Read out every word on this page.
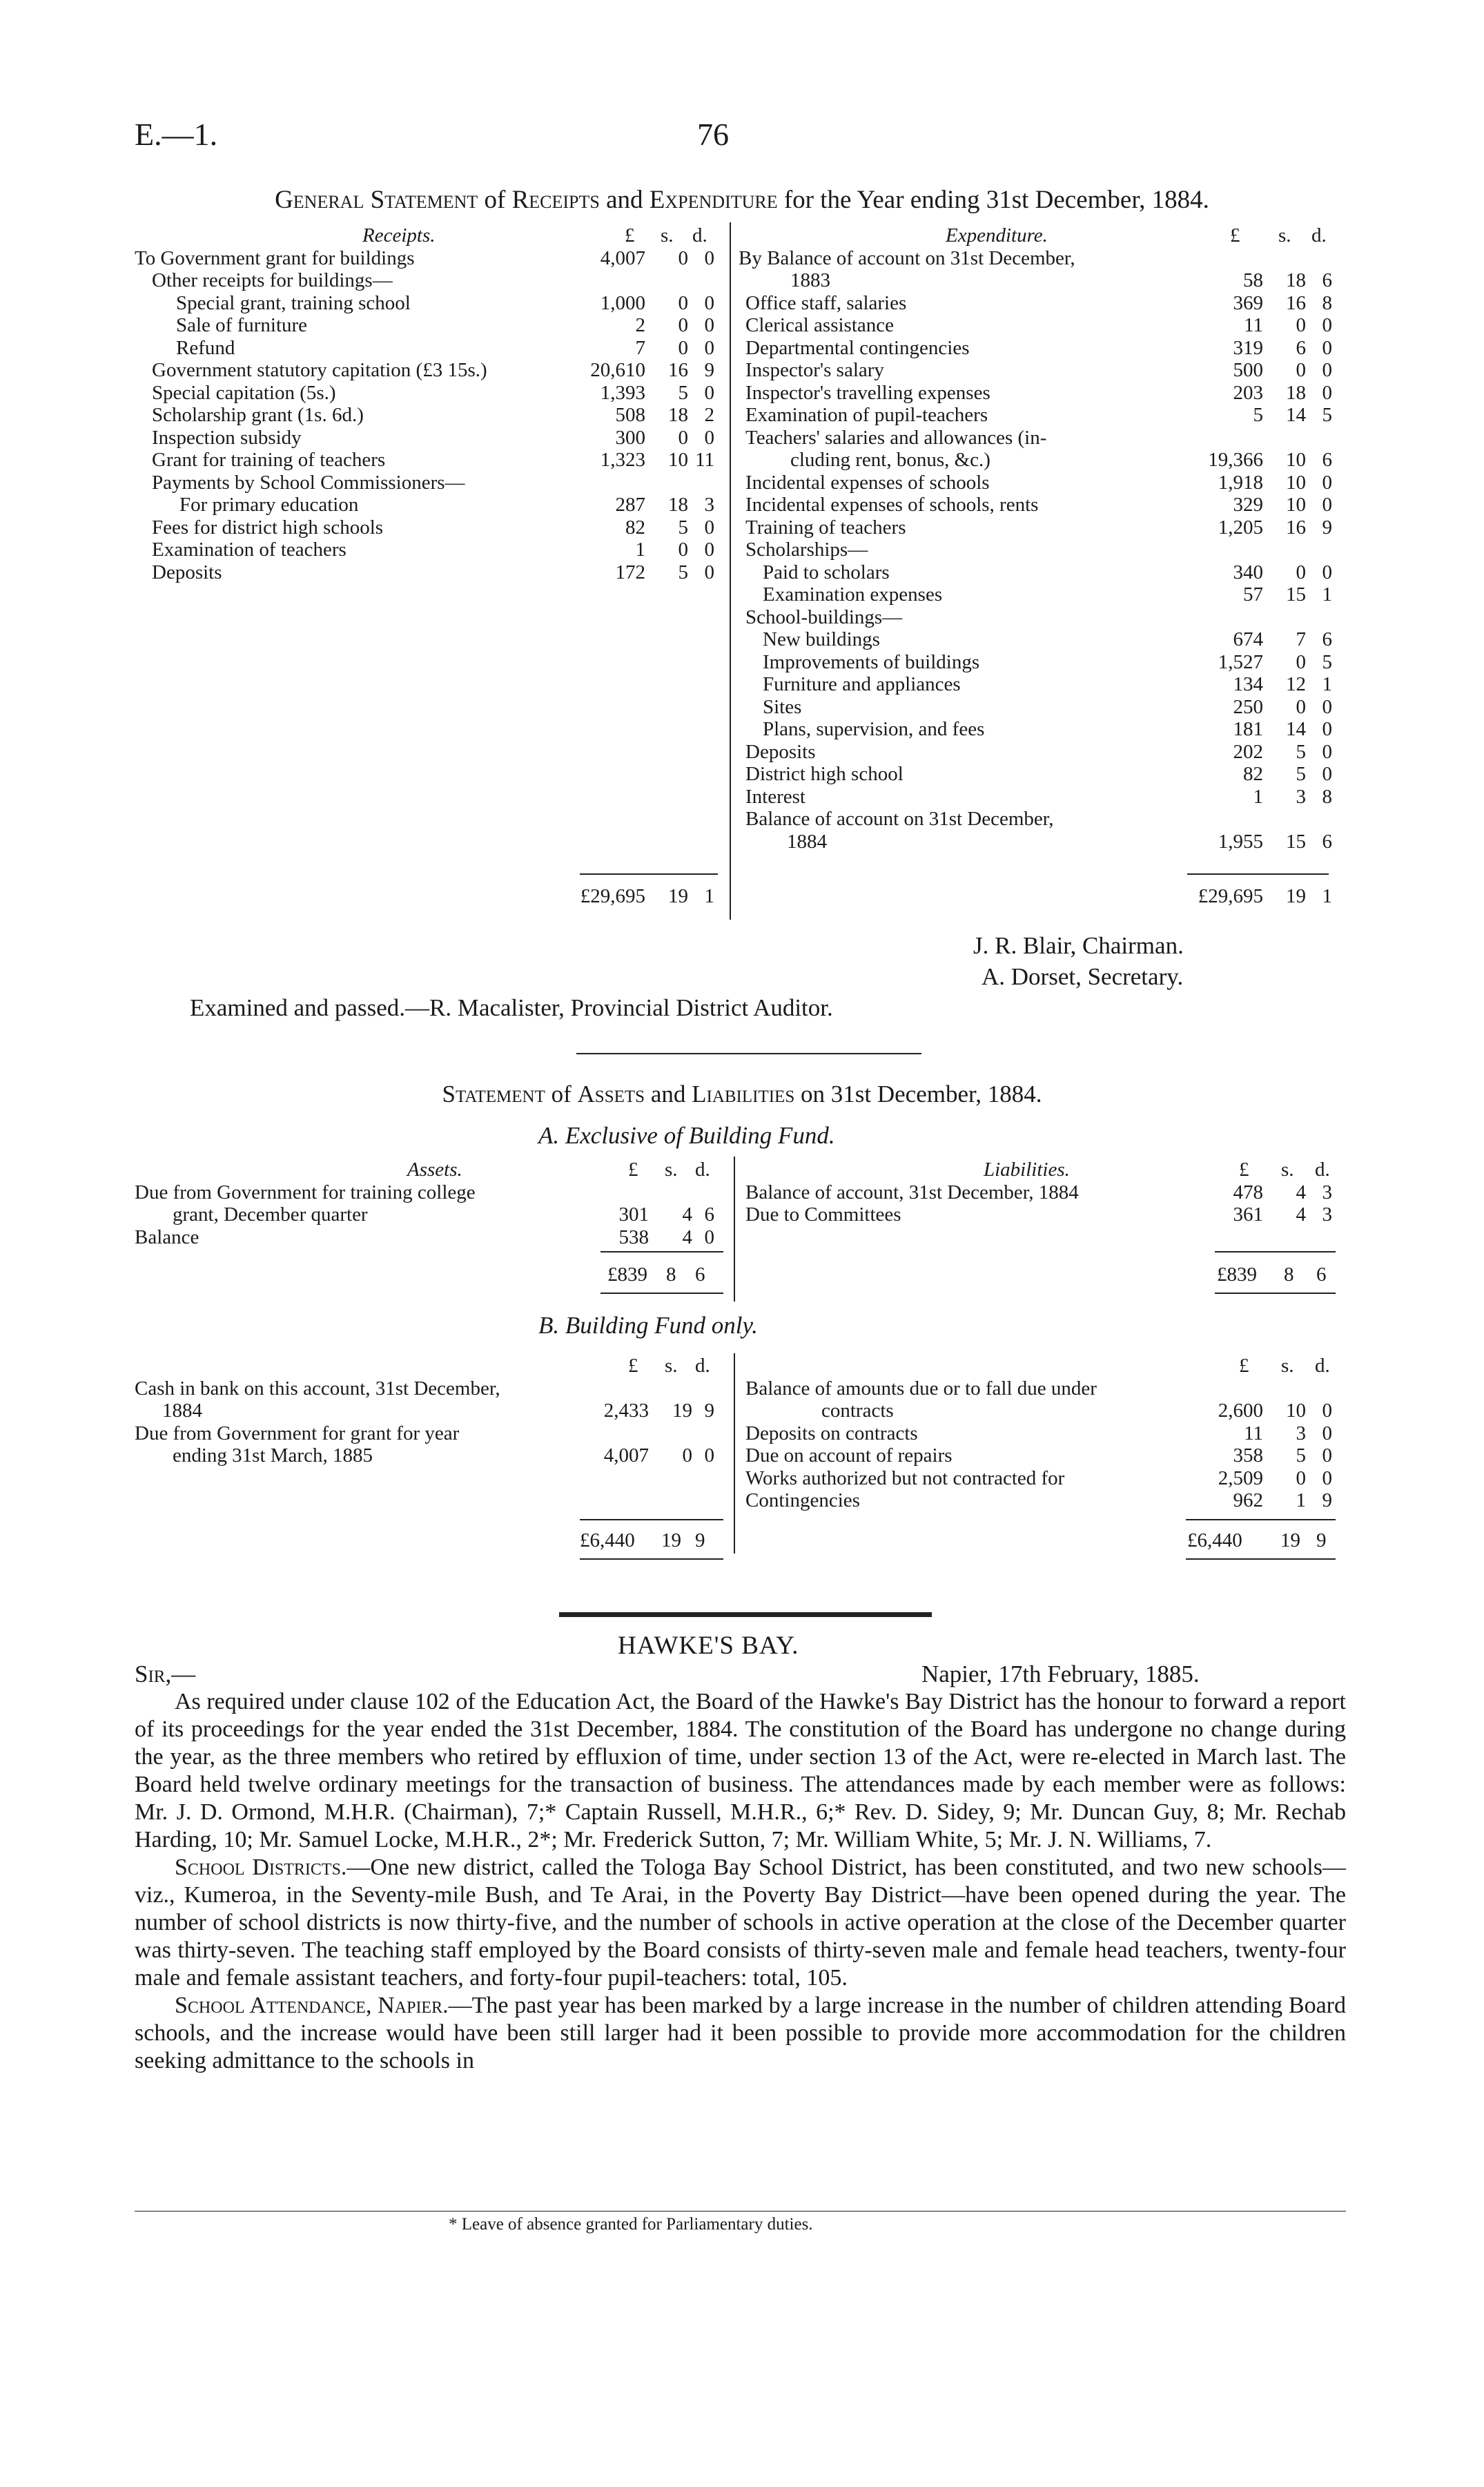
E.—1.	76
General Statement of Receipts and Expenditure for the Year ending 31st December, 1884.
Receipts.	£ s. d.
To Government grant for buildings	4,007 0 0
Other receipts for buildings—
Special grant, training school	1,000 0 0
Sale of furniture	2 0 0
Refund	7 0 0
Government statutory capitation (£3 15s.)	20,610 16 9
Special capitation (5s.)	1,393 5 0
Scholarship grant (1s. 6d.)	508 18 2
Inspection subsidy	300 0 0
Grant for training of teachers	1,323 10 11
Payments by School Commissioners—
For primary education	287 18 3
Fees for district high schools	82 5 0
Examination of teachers	1 0 0
Deposits	172 5 0
£29,695 19 1
Expenditure.	£ s. d.
By Balance of account on 31st December,
1883	58 18 6
Office staff, salaries	369 16 8
Clerical assistance	11 0 0
Departmental contingencies	319 6 0
Inspector's salary	500 0 0
Inspector's travelling expenses	203 18 0
Examination of pupil-teachers	5 14 5
Teachers' salaries and allowances (in-
cluding rent, bonus, &c.)	19,366 10 6
Incidental expenses of schools	1,918 10 0
Incidental expenses of schools, rents	329 10 0
Training of teachers	1,205 16 9
Scholarships—
Paid to scholars	340 0 0
Examination expenses	57 15 1
School-buildings—
New buildings	674 7 6
Improvements of buildings	1,527 0 5
Furniture and appliances	134 12 1
Sites	250 0 0
Plans, supervision, and fees	181 14 0
Deposits	202 5 0
District high school	82 5 0
Interest	1 3 8
Balance of account on 31st December,
1884	1,955 15 6
£29,695 19 1
J. R. Blair, Chairman.
A. Dorset, Secretary.
Examined and passed.—R. Macalister, Provincial District Auditor.
Statement of Assets and Liabilities on 31st December, 1884.
A. Exclusive of Building Fund.
Assets.	£ s. d.
Due from Government for training college
grant, December quarter	301 4 6
Balance	538 4 0
Liabilities.	£ s. d.
Balance of account, 31st December, 1884	478 4 3
Due to Committees	361 4 3
£839 8 6	£839 8 6
B. Building Fund only.
£ s. d.
Cash in bank on this account, 31st December,
1884	2,433 19 9
Due from Government for grant for year
ending 31st March, 1885	4,007 0 0
£ s. d.
Balance of amounts due or to fall due under
contracts	2,600 10 0
Deposits on contracts	11 3 0
Due on account of repairs	358 5 0
Works authorized but not contracted for	2,509 0 0
Contingencies	962 1 9
£6,440 19 9	£6,440 19 9
HAWKE'S BAY.
Sir,—	Napier, 17th February, 1885.

As required under clause 102 of the Education Act, the Board of the Hawke's Bay District has the honour to forward a report of its proceedings for the year ended the 31st December, 1884. The constitution of the Board has undergone no change during the year, as the three members who retired by effluxion of time, under section 13 of the Act, were re-elected in March last. The Board held twelve ordinary meetings for the transaction of business. The attendances made by each member were as follows: Mr. J. D. Ormond, M.H.R. (Chairman), 7;* Captain Russell, M.H.R., 6;* Rev. D. Sidey, 9; Mr. Duncan Guy, 8; Mr. Rechab Harding, 10; Mr. Samuel Locke, M.H.R., 2*; Mr. Frederick Sutton, 7; Mr. William White, 5; Mr. J. N. Williams, 7.

School Districts.—One new district, called the Tologa Bay School District, has been constituted, and two new schools—viz., Kumeroa, in the Seventy-mile Bush, and Te Arai, in the Poverty Bay District—have been opened during the year. The number of school districts is now thirty-five, and the number of schools in active operation at the close of the December quarter was thirty-seven. The teaching staff employed by the Board consists of thirty-seven male and female head teachers, twenty-four male and female assistant teachers, and forty-four pupil-teachers: total, 105.

School Attendance, Napier.—The past year has been marked by a large increase in the number of children attending Board schools, and the increase would have been still larger had it been possible to provide more accommodation for the children seeking admittance to the schools in

* Leave of absence granted for Parliamentary duties.
